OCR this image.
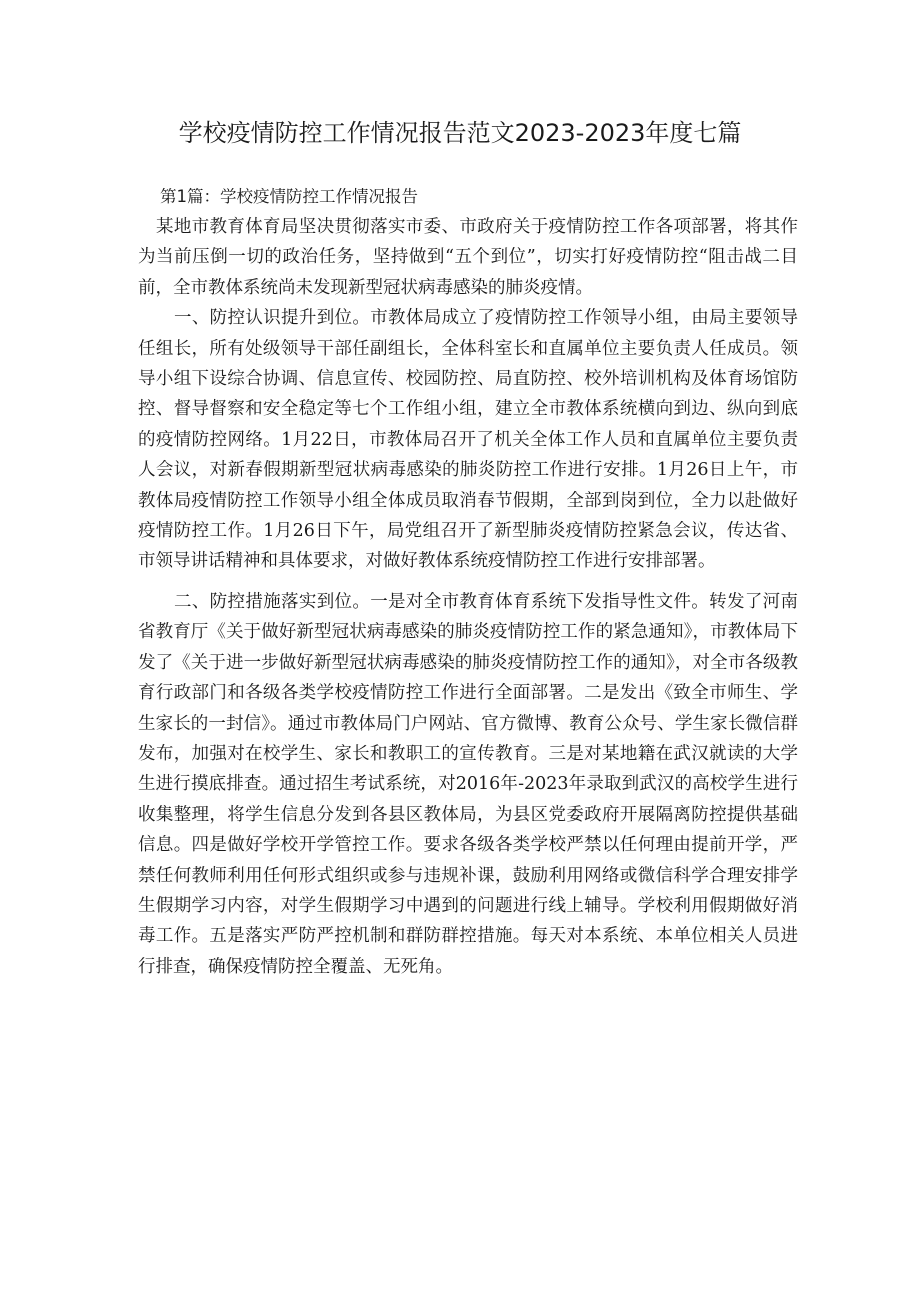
学校疫情防控工作情况报告范文2023-2023年度七篇
第1篇：学校疫情防控工作情况报告

某地市教育体育局坚决贯彻落实市委、市政府关于疫情防控工作各项部署，将其作为当前压倒一切的政治任务，坚持做到“五个到位”，切实打好疫情防控“阻击战二目前，全市教体系统尚未发现新型冠状病毒感染的肺炎疫情。

一、防控认识提升到位。市教体局成立了疫情防控工作领导小组，由局主要领导任组长，所有处级领导干部任副组长，全体科室长和直属单位主要负责人任成员。领导小组下设综合协调、信息宣传、校园防控、局直防控、校外培训机构及体育场馆防控、督导督察和安全稳定等七个工作组小组，建立全市教体系统横向到边、纵向到底的疫情防控网络。1月22日，市教体局召开了机关全体工作人员和直属单位主要负责人会议，对新春假期新型冠状病毒感染的肺炎防控工作进行安排。1月26日上午，市教体局疫情防控工作领导小组全体成员取消春节假期，全部到岗到位，全力以赴做好疫情防控工作。1月26日下午，局党组召开了新型肺炎疫情防控紧急会议，传达省、市领导讲话精神和具体要求，对做好教体系统疫情防控工作进行安排部署。

二、防控措施落实到位。一是对全市教育体育系统下发指导性文件。转发了河南省教育厅《关于做好新型冠状病毒感染的肺炎疫情防控工作的紧急通知》，市教体局下发了《关于进一步做好新型冠状病毒感染的肺炎疫情防控工作的通知》，对全市各级教育行政部门和各级各类学校疫情防控工作进行全面部署。二是发出《致全市师生、学生家长的一封信》。通过市教体局门户网站、官方微博、教育公众号、学生家长微信群发布，加强对在校学生、家长和教职工的宣传教育。三是对某地籍在武汉就读的大学生进行摸底排查。通过招生考试系统，对2016年-2023年录取到武汉的高校学生进行收集整理，将学生信息分发到各县区教体局，为县区党委政府开展隔离防控提供基础信息。四是做好学校开学管控工作。要求各级各类学校严禁以任何理由提前开学，严禁任何教师利用任何形式组织或参与违规补课，鼓励利用网络或微信科学合理安排学生假期学习内容，对学生假期学习中遇到的问题进行线上辅导。学校利用假期做好消毒工作。五是落实严防严控机制和群防群控措施。每天对本系统、本单位相关人员进行排查，确保疫情防控全覆盖、无死角。
